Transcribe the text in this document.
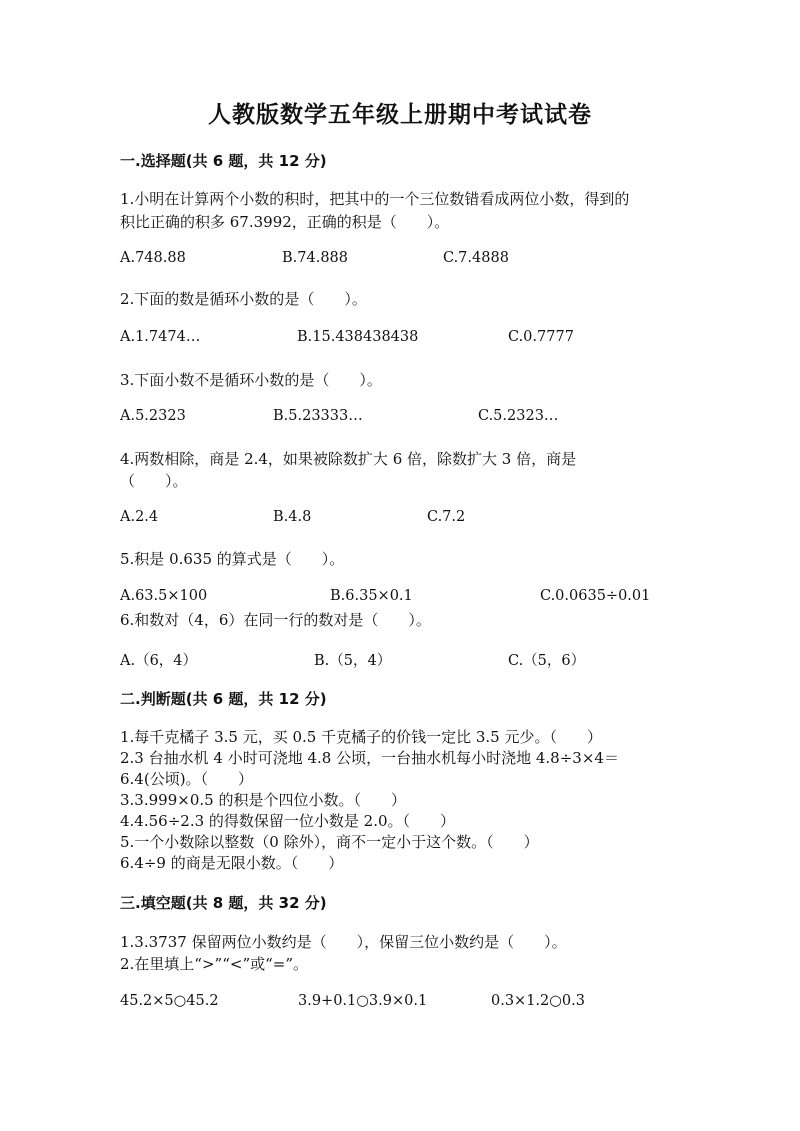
人教版数学五年级上册期中考试试卷
一.选择题(共 6 题，共 12 分)
1.小明在计算两个小数的积时，把其中的一个三位数错看成两位小数，得到的
积比正确的积多 67.3992，正确的积是（　　）。
A.748.88	B.74.888	C.7.4888
2.下面的数是循环小数的是（　　）。
A.1.7474…	B.15.438438438	C.0.7777
3.下面小数不是循环小数的是（　　）。
A.5.2323	B.5.23333…	C.5.2323…
4.两数相除，商是 2.4，如果被除数扩大 6 倍，除数扩大 3 倍，商是
（　　）。
A.2.4	B.4.8	C.7.2
5.积是 0.635 的算式是（　　）。
A.63.5×100	B.6.35×0.1	C.0.0635÷0.01
6.和数对（4，6）在同一行的数对是（　　）。
A.（6，4）	B.（5，4）	C.（5，6）
二.判断题(共 6 题，共 12 分)
1.每千克橘子 3.5 元，买 0.5 千克橘子的价钱一定比 3.5 元少。（　　）
2.3 台抽水机 4 小时可浇地 4.8 公顷，一台抽水机每小时浇地 4.8÷3×4＝
6.4(公顷)。（　　）
3.3.999×0.5 的积是个四位小数。（　　）
4.4.56÷2.3 的得数保留一位小数是 2.0。（　　）
5.一个小数除以整数（0 除外），商不一定小于这个数。（　　）
6.4÷9 的商是无限小数。（　　）
三.填空题(共 8 题，共 32 分)
1.3.3737 保留两位小数约是（　　），保留三位小数约是（　　）。
2.在里填上“>”“<”或“=”。
45.2×5○45.2	3.9+0.1○3.9×0.1	0.3×1.2○0.3
